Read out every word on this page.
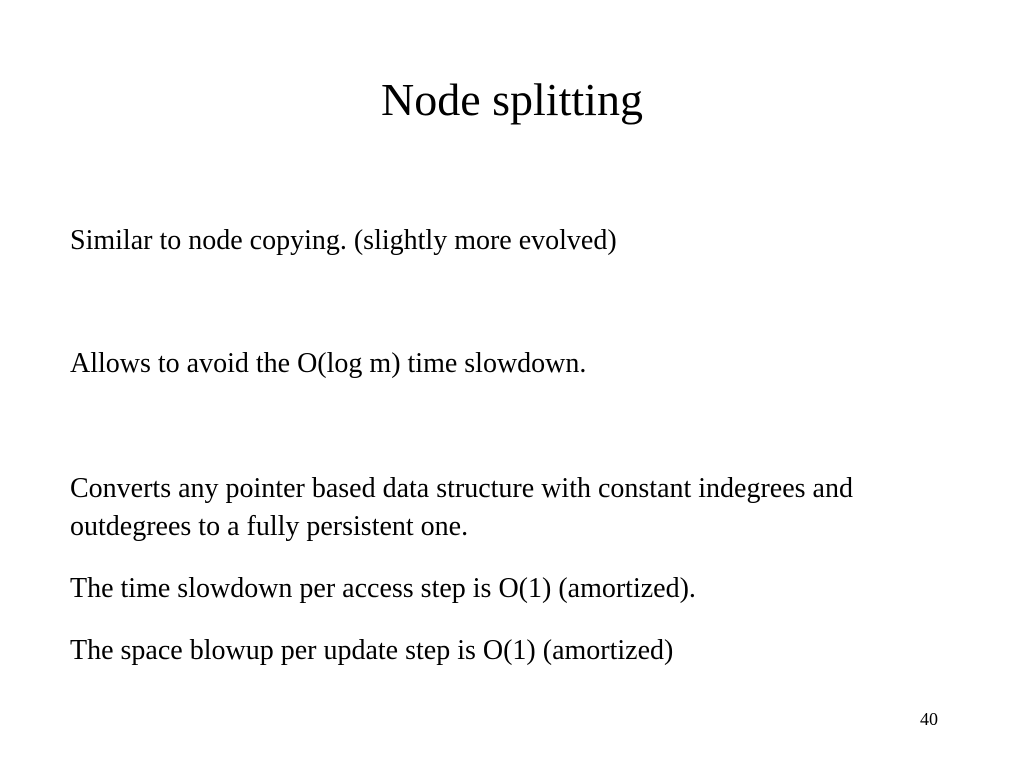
Node splitting

Similar to node copying. (slightly more evolved)

Allows to avoid the O(log m) time slowdown.

Converts any pointer based data structure with constant indegrees and outdegrees to a fully persistent one.

The time slowdown per access step is O(1) (amortized).

The space blowup per update step is O(1) (amortized)

40
